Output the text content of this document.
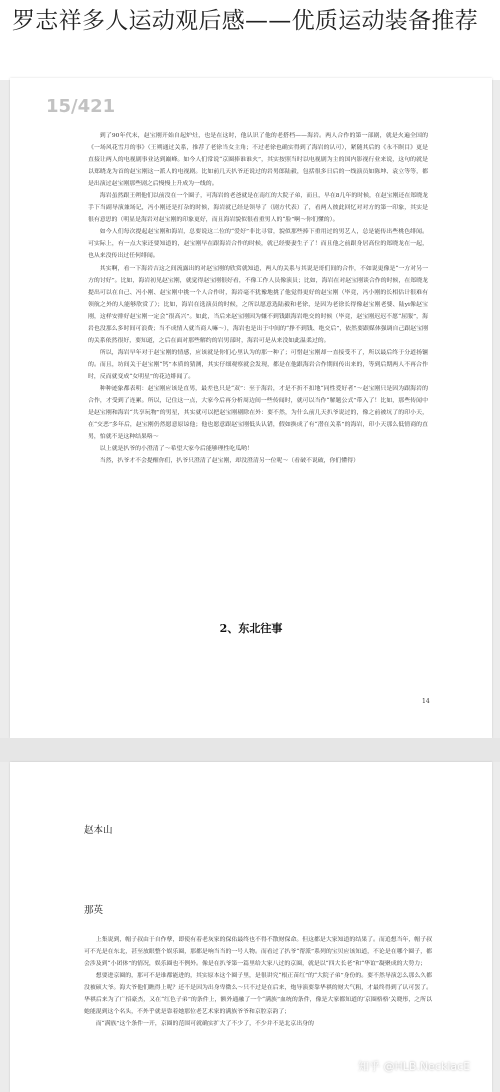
罗志祥多人运动观后感——优质运动装备推荐
15/421

到了90年代末，赵宝刚开始自起炉灶，也是在这时，他认识了他的老搭档——海岩。两人合作的第一部剧，就是火遍全国的《一场风花雪月的事》（王朔通过关系，推荐了老徐当女主角；不过老徐也确实得到了海岩的认可），紧随其后的《永不瞑目》更是直接让两人的电视剧事业达到巅峰。如今人们常说“京圈捧谁谁火”，其实按照当时以电视剧为主的国内影视行业来说，这句的就是以郑晓龙为首的赵宝刚这一派人的电视剧。比如前几天扒爷还说过的岩男郎陆毅，包括很多日后的一线演员如陈坤、袁立等等，都是出演过赵宝刚那些剧之后慢慢上升成为一线的。

海岩虽然跟王朔他们以前没在一个圈子，可海岩的老爸就是在南红的大院子弟，而且，早在8几年的时候，在赵宝刚还在郑晓龙手下当副导演兼场记，冯小刚还是打杂的时候，海岩就已经是领导了（剧方代表）了，看两人彼此回忆对对方的第一印象，其实是很有意思的（明显是海岩对赵宝刚的印象更好，而且海岩貌似很看重男人的“脸”啊～你们懂的）。

如今人们每次提起赵宝刚和海岩，总要说这二位的“爱好”非比寻常，貌似那些捧下重用过的男艺人，总是能传出些桃色绯闻。可实际上，有一点大家还要知道的，赵宝刚早在跟海岩合作的时候，就已经娶妻生子了！而且他之前跟身居高位的郑晓龙在一起，也从来没传出过任何绯闻。

其实啊，看一下海岩吉这之间流露出的对赵宝刚的欣赏就知道，两人的关系与其说是哥们间的合作，不如说更像是“一方对另一方的讨好”。比如，海岩初见赵宝刚，就觉得赵宝刚很好看，不像工作人员像演员；比如，海岩在对赵宝刚谈合作的时候，在郑晓龙提出可以在自己、冯小刚、赵宝刚中挑一个人合作时，海岩毫不犹豫地挑了他觉得更好的赵宝刚（毕竟，冯小刚的长相估计很难有领航之外的人能够欣赏了）；比如，海岩在选演员的时候，之所以愿意选陆毅和老徐，是因为老徐长得像赵宝刚老婆、陆yi像赵宝刚，这样安排好赵宝刚一定会“很高兴”。如此，当后来赵宝刚因为嫌不到钱跟海岩绝交的时候（毕竟，赵宝刚迟迟不愿“屈服”，海岩也没那么多时间可浪费；当不成情人就当商人嘛～），海岩也是出于中间的“挣不到钱、绝交后”，依然要跟媒体强调自己跟赵宝刚的关系依然很好，要知道，之后在面对那些解约的岩男部时，海岩可是从来没如此温柔过的。

所以，海岩早年对于赵宝刚的情感，应该就是你们心里认为的那一种了；可惜赵宝刚却一直接受不了，所以最后终于分道扬镳的。而且，坊间关于赵宝刚“钙”本质的猜测，其实仔细观察就会发现，都是在他跟海岩合作期间传出来的，等到后期两人不再合作时，反而就变成“女明星”的花边绯闻了。

种种迹象都表明：赵宝刚应该是直男，最差也只是“双”：至于海岩，才是不折不扣地“同性爱好者”～赵宝刚只是因为跟海岩的合作，才受到了连累。所以，记住这一点，大家今后再分析周边间一些传闻时，就可以当作“解题公式”带入了！比如，那些传闻中是赵宝刚和海岩“共享玩物”的男星，其实就可以把赵宝刚剔除在外：要不然，为什么前几天扒爷说过的，像之前被坑了的印小天，在“交恶”多年后，赵宝刚仍然愿意原谅他；他也愿意跟赵宝刚低头认错，假如换成了有“潜在关系”的海岩，印小天那么低情商的直男，怕就不是这种结果咯～

以上就是扒爷的小澄清了～希望大家今后能够理性吃瓜哟！

当然，扒爷才不会提醒你们，扒爷只澄清了赵宝刚，却没澄清另一位呢～（看破不说破，你们懂得）

2、东北往事
14
赵本山
那英

上集说到，帽子叔由于自作孽，即使有着老灰家的保佑最终也不得不散财保命。但这都是大家知道的结果了。而追想当年，帽子叔可不光是在东北，甚至放眼整个娱乐圈，那都是响当当的一号人物。而看过了扒爷“帮派”系列的宝贝应该知道，不论是在哪个圈子，都会涉及到“小团体”的情况，娱乐圈也不例外。像是在扒爷第一篇里给大家八过的京圈，就是以“四大长老”和“华谊”凝聚成的大势力；

想要进京圈的，那可不是谁都能进的，其实原本这个圈子里，是很讲究“根正苗红”的“大院子弟”身份的。要不然导演怎么那么久都没被硕大爷。海大爷他们瞧得上呢？还不是因为出身卑微么～只不过是在后来，炮导演要靠华祺的财大气粗，才最终得到了认可罢了。华祺后来为了广招豪杰，又在“红色子弟”的条件上，额外通融了一个“满族”血统的条件，像是大家都知道的‘京圈格格’关晓彤，之所以她能混到这个名头，不外乎就是靠着她那位老艺术家的满族爷爷和京腔京韵了；

而“满族”这个条件一开，京圈的范围可就确实扩大了不少了，不少并不是北京出身的

知乎 @HLB.NecklacE
